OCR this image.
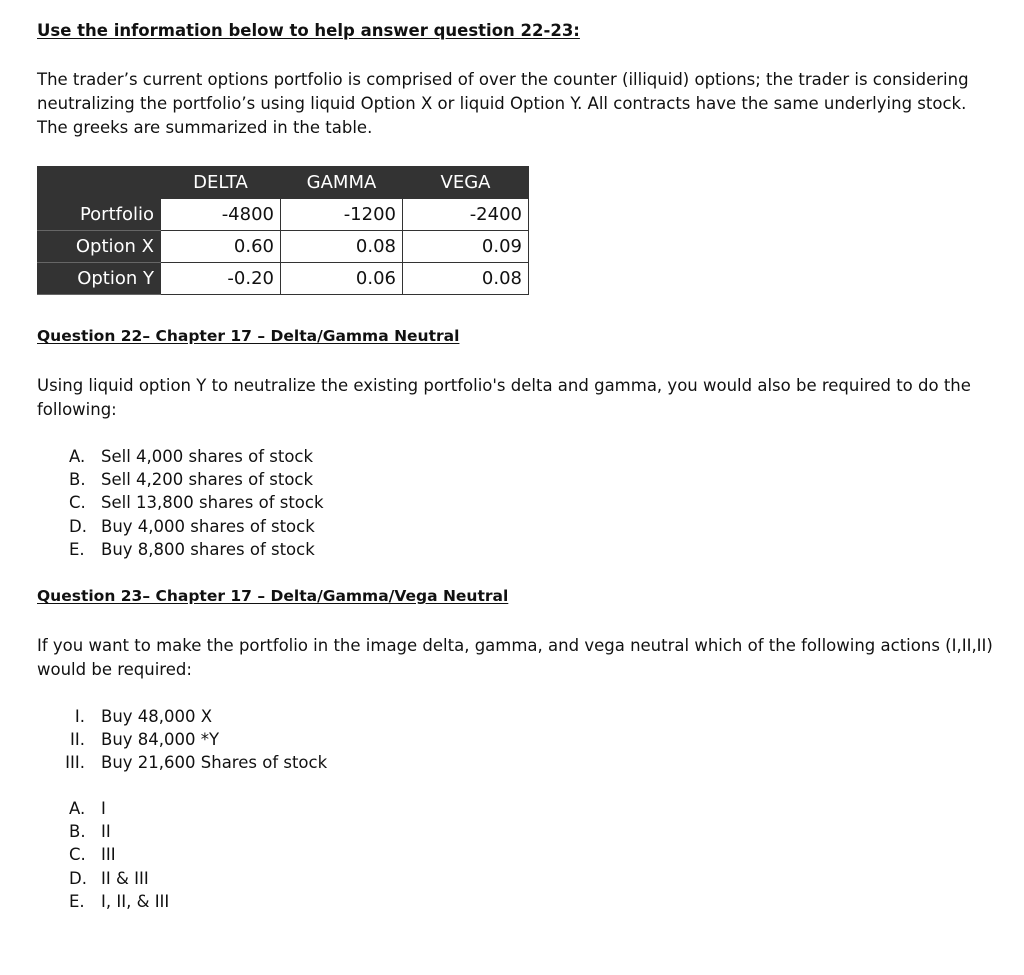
Use the information below to help answer question 22-23:

The trader’s current options portfolio is comprised of over the counter (illiquid) options; the trader is considering neutralizing the portfolio’s using liquid Option X or liquid Option Y. All contracts have the same underlying stock. The greeks are summarized in the table.

	DELTA	GAMMA	VEGA
Portfolio	-4800	-1200	-2400
Option X	0.60	0.08	0.09
Option Y	-0.20	0.06	0.08
Question 22– Chapter 17 – Delta/Gamma Neutral

Using liquid option Y to neutralize the existing portfolio's delta and gamma, you would also be required to do the following:

A. Sell 4,000 shares of stock
B. Sell 4,200 shares of stock
C. Sell 13,800 shares of stock
D. Buy 4,000 shares of stock
E. Buy 8,800 shares of stock
Question 23– Chapter 17 – Delta/Gamma/Vega Neutral

If you want to make the portfolio in the image delta, gamma, and vega neutral which of the following actions (I,II,II) would be required:

I. Buy 48,000 X
II. Buy 84,000 *Y
III. Buy 21,600 Shares of stock
A. I
B. II
C. III
D. II & III
E. I, II, & III
